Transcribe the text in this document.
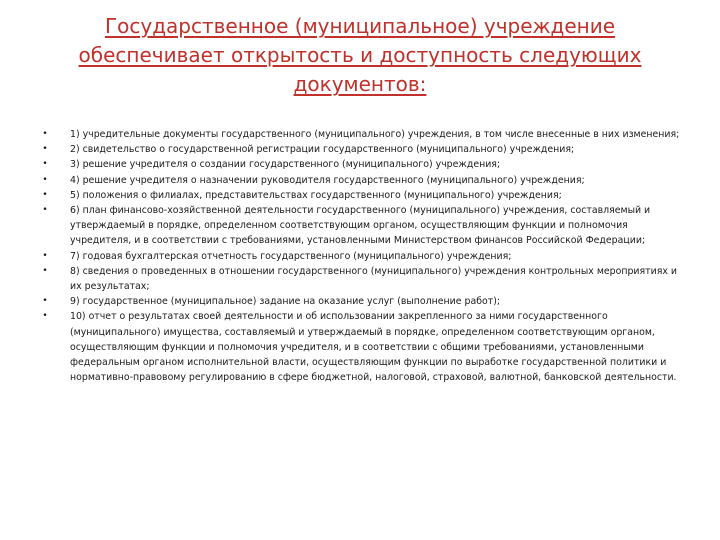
Государственное (муниципальное) учреждение
обеспечивает открытость и доступность следующих
документов:
• 1) учредительные документы государственного (муниципального) учреждения, в том числе внесенные в них изменения;
• 2) свидетельство о государственной регистрации государственного (муниципального) учреждения;
• 3) решение учредителя о создании государственного (муниципального) учреждения;
• 4) решение учредителя о назначении руководителя государственного (муниципального) учреждения;
• 5) положения о филиалах, представительствах государственного (муниципального) учреждения;
• 6) план финансово-хозяйственной деятельности государственного (муниципального) учреждения, составляемый и утверждаемый в порядке, определенном соответствующим органом, осуществляющим функции и полномочия учредителя, и в соответствии с требованиями, установленными Министерством финансов Российской Федерации;
• 7) годовая бухгалтерская отчетность государственного (муниципального) учреждения;
• 8) сведения о проведенных в отношении государственного (муниципального) учреждения контрольных мероприятиях и их результатах;
• 9) государственное (муниципальное) задание на оказание услуг (выполнение работ);
• 10) отчет о результатах своей деятельности и об использовании закрепленного за ними государственного (муниципального) имущества, составляемый и утверждаемый в порядке, определенном соответствующим органом, осуществляющим функции и полномочия учредителя, и в соответствии с общими требованиями, установленными федеральным органом исполнительной власти, осуществляющим функции по выработке государственной политики и нормативно-правовому регулированию в сфере бюджетной, налоговой, страховой, валютной, банковской деятельности.
